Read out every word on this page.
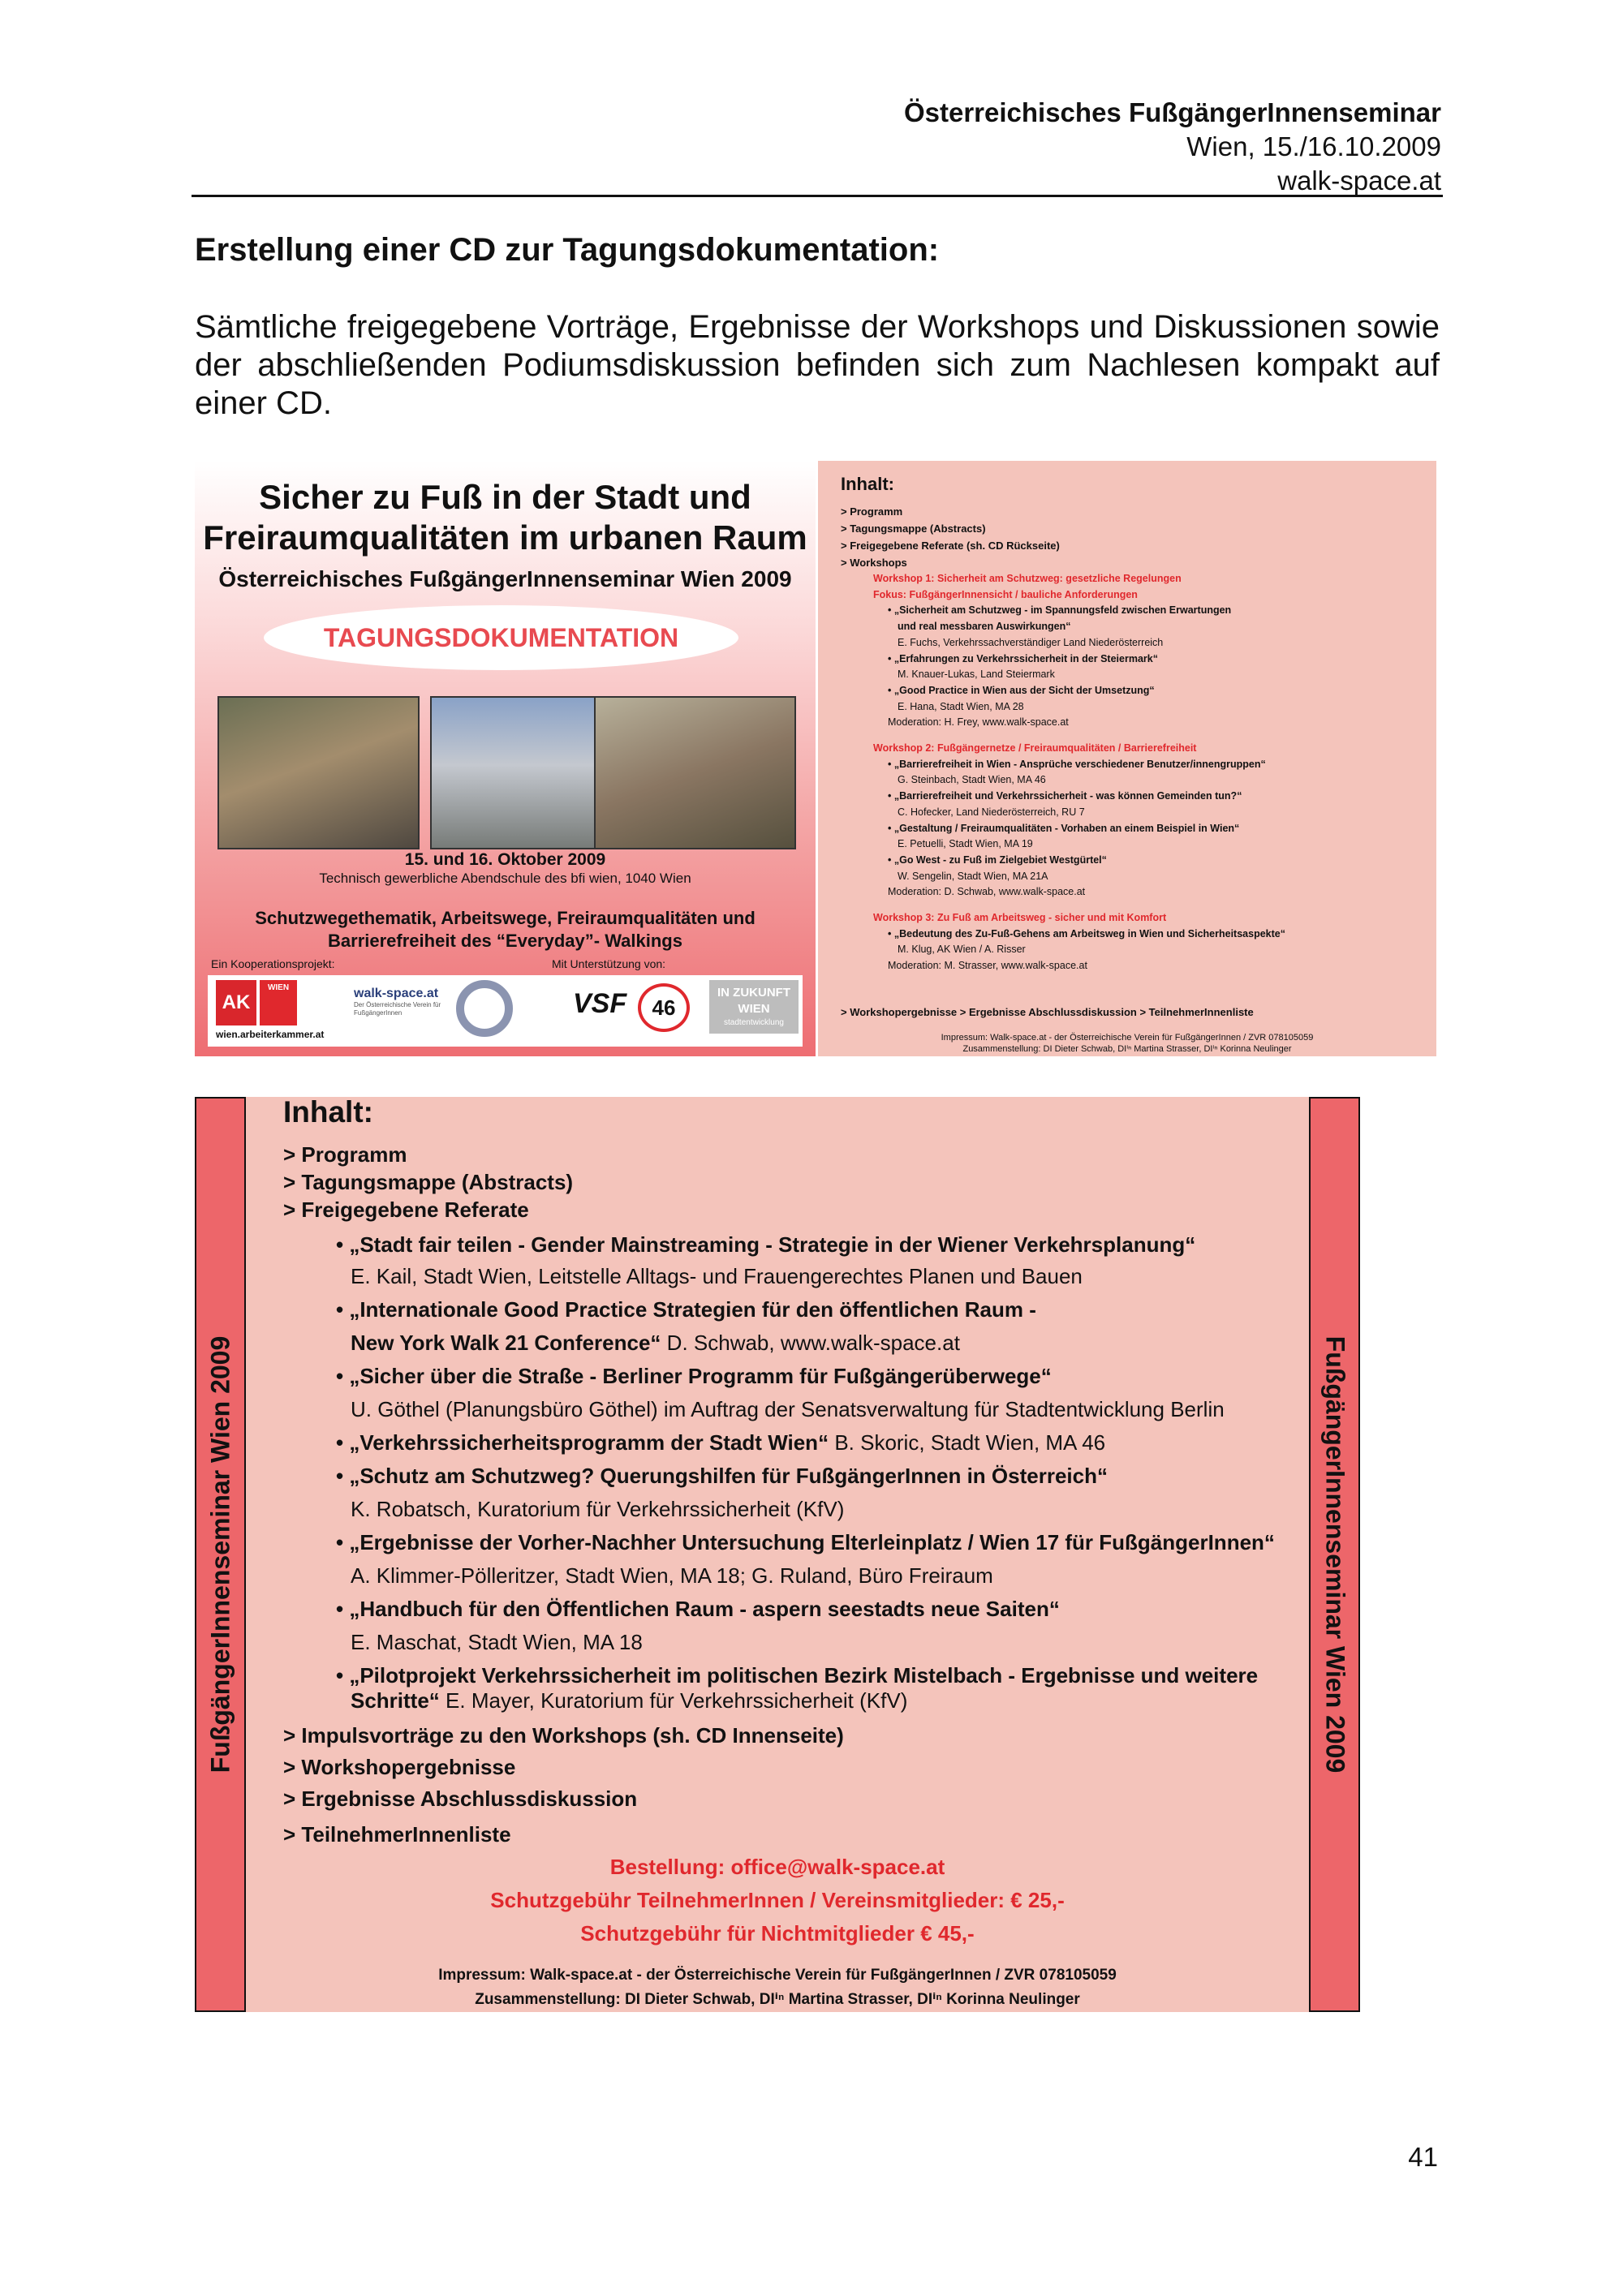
Österreichisches FußgängerInnenseminar
Wien, 15./16.10.2009
walk-space.at
Erstellung einer CD zur Tagungsdokumentation:
Sämtliche freigegebene Vorträge, Ergebnisse der Workshops und Diskussionen sowie der abschließenden Podiumsdiskussion befinden sich zum Nachlesen kompakt auf einer CD.
Sicher zu Fuß in der Stadt und
Freiraumqualitäten im urbanen Raum
Österreichisches FußgängerInnenseminar Wien 2009
TAGUNGSDOKUMENTATION
15. und 16. Oktober 2009
Technisch gewerbliche Abendschule des bfi wien, 1040 Wien
Schutzwegethematik, Arbeitswege, Freiraumqualitäten und
Barrierefreiheit des “Everyday”- Walkings
Ein Kooperationsprojekt:	Mit Unterstützung von:
AK
WIEN
wien.arbeiterkammer.at
walk-space.at
Der Österreichische Verein für FußgängerInnen	VSF	46
IN ZUKUNFT WIEN
stadtentwicklung
Inhalt:
> Programm
> Tagungsmappe (Abstracts)
> Freigegebene Referate (sh. CD Rückseite)
> Workshops
Workshop 1: Sicherheit am Schutzweg: gesetzliche Regelungen
Fokus: FußgängerInnensicht / bauliche Anforderungen
• „Sicherheit am Schutzweg - im Spannungsfeld zwischen Erwartungen
und real messbaren Auswirkungen“
E. Fuchs, Verkehrssachverständiger Land Niederösterreich
• „Erfahrungen zu Verkehrssicherheit in der Steiermark“
M. Knauer-Lukas, Land Steiermark
• „Good Practice in Wien aus der Sicht der Umsetzung“
E. Hana, Stadt Wien, MA 28
Moderation: H. Frey, www.walk-space.at
Workshop 2: Fußgängernetze / Freiraumqualitäten / Barrierefreiheit
• „Barrierefreiheit in Wien - Ansprüche verschiedener Benutzer/innengruppen“
G. Steinbach, Stadt Wien, MA 46
• „Barrierefreiheit und Verkehrssicherheit - was können Gemeinden tun?“
C. Hofecker, Land Niederösterreich, RU 7
• „Gestaltung / Freiraumqualitäten - Vorhaben an einem Beispiel in Wien“
E. Petuelli, Stadt Wien, MA 19
• „Go West - zu Fuß im Zielgebiet Westgürtel“
W. Sengelin, Stadt Wien, MA 21A
Moderation: D. Schwab, www.walk-space.at
Workshop 3: Zu Fuß am Arbeitsweg - sicher und mit Komfort
• „Bedeutung des Zu-Fuß-Gehens am Arbeitsweg in Wien und Sicherheitsaspekte“
M. Klug, AK Wien / A. Risser
Moderation: M. Strasser, www.walk-space.at
> Workshopergebnisse > Ergebnisse Abschlussdiskussion > TeilnehmerInnenliste
Impressum: Walk-space.at - der Österreichische Verein für FußgängerInnen / ZVR 078105059
Zusammenstellung: DI Dieter Schwab, DIⁱⁿ Martina Strasser, DIⁱⁿ Korinna Neulinger
FußgängerInnenseminar Wien 2009	FußgängerInnenseminar Wien 2009
Inhalt:
> Programm
> Tagungsmappe (Abstracts)
> Freigegebene Referate
• „Stadt fair teilen - Gender Mainstreaming - Strategie in der Wiener Verkehrsplanung“
E. Kail, Stadt Wien, Leitstelle Alltags- und Frauengerechtes Planen und Bauen
• „Internationale Good Practice Strategien für den öffentlichen Raum -
New York Walk 21 Conference“ D. Schwab, www.walk-space.at
• „Sicher über die Straße - Berliner Programm für Fußgängerüberwege“
U. Göthel (Planungsbüro Göthel) im Auftrag der Senatsverwaltung für Stadtentwicklung Berlin
• „Verkehrssicherheitsprogramm der Stadt Wien“ B. Skoric, Stadt Wien, MA 46
• „Schutz am Schutzweg? Querungshilfen für FußgängerInnen in Österreich“
K. Robatsch, Kuratorium für Verkehrssicherheit (KfV)
• „Ergebnisse der Vorher-Nachher Untersuchung Elterleinplatz / Wien 17 für FußgängerInnen“
A. Klimmer-Pölleritzer, Stadt Wien, MA 18; G. Ruland, Büro Freiraum
• „Handbuch für den Öffentlichen Raum - aspern seestadts neue Saiten“
E. Maschat, Stadt Wien, MA 18
• „Pilotprojekt Verkehrssicherheit im politischen Bezirk Mistelbach - Ergebnisse und weitere
Schritte“ E. Mayer, Kuratorium für Verkehrssicherheit (KfV)
> Impulsvorträge zu den Workshops (sh. CD Innenseite)
> Workshopergebnisse
> Ergebnisse Abschlussdiskussion
> TeilnehmerInnenliste
Bestellung: office@walk-space.at
Schutzgebühr TeilnehmerInnen / Vereinsmitglieder: € 25,-
Schutzgebühr für Nichtmitglieder € 45,-
Impressum: Walk-space.at - der Österreichische Verein für FußgängerInnen / ZVR 078105059
Zusammenstellung: DI Dieter Schwab, DIⁱⁿ Martina Strasser, DIⁱⁿ Korinna Neulinger
41
